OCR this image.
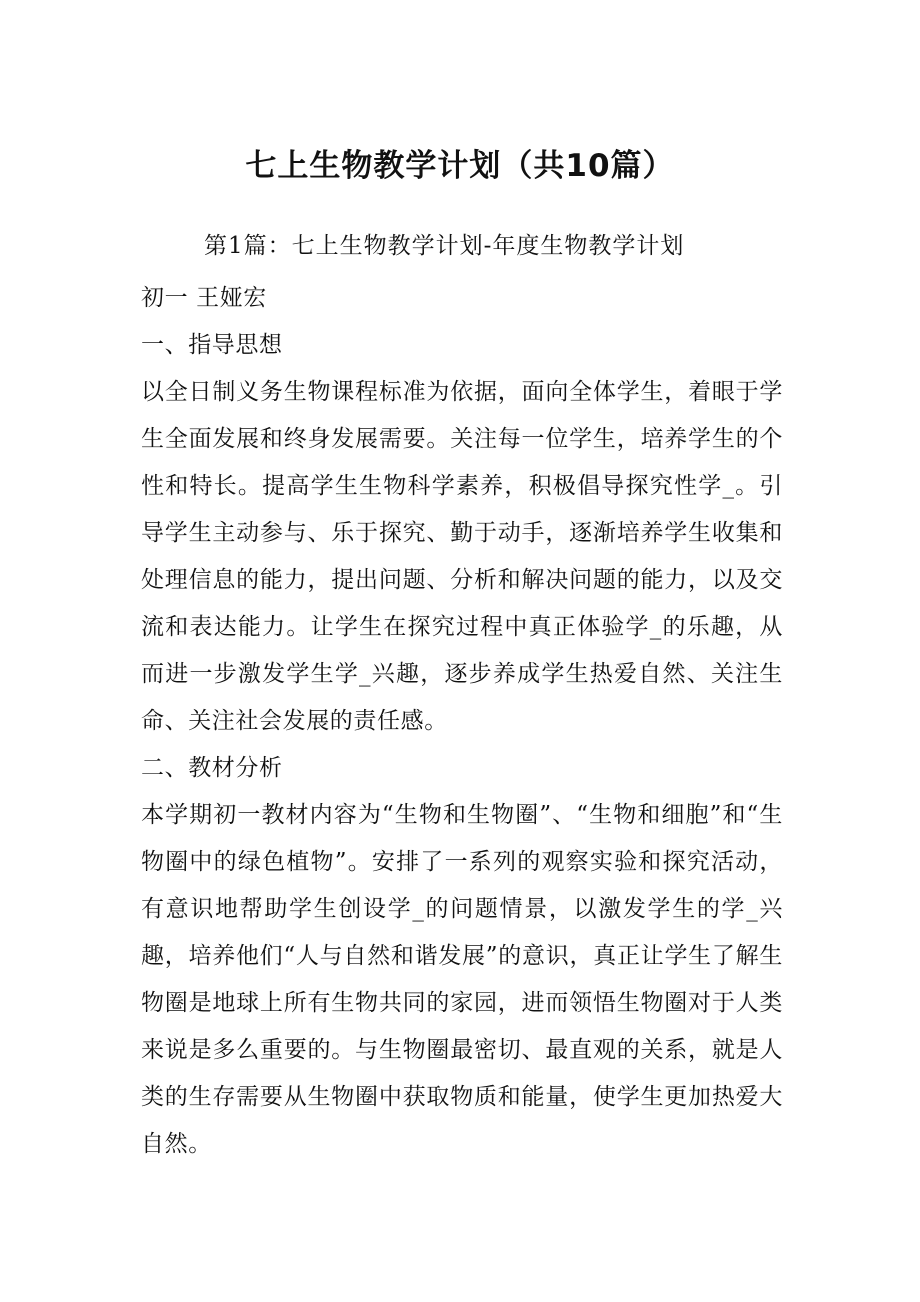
七上生物教学计划（共10篇）
第1篇：七上生物教学计划-年度生物教学计划

初一 王娅宏

一、指导思想

以全日制义务生物课程标准为依据，面向全体学生，着眼于学生全面发展和终身发展需要。关注每一位学生，培养学生的个性和特长。提高学生生物科学素养，积极倡导探究性学_。引导学生主动参与、乐于探究、勤于动手，逐渐培养学生收集和处理信息的能力，提出问题、分析和解决问题的能力，以及交流和表达能力。让学生在探究过程中真正体验学_的乐趣，从而进一步激发学生学_兴趣，逐步养成学生热爱自然、关注生命、关注社会发展的责任感。

二、教材分析

本学期初一教材内容为“生物和生物圈”、“生物和细胞”和“生物圈中的绿色植物”。安排了一系列的观察实验和探究活动，有意识地帮助学生创设学_的问题情景，以激发学生的学_兴趣，培养他们“人与自然和谐发展”的意识，真正让学生了解生物圈是地球上所有生物共同的家园，进而领悟生物圈对于人类来说是多么重要的。与生物圈最密切、最直观的关系，就是人类的生存需要从生物圈中获取物质和能量，使学生更加热爱大自然。
